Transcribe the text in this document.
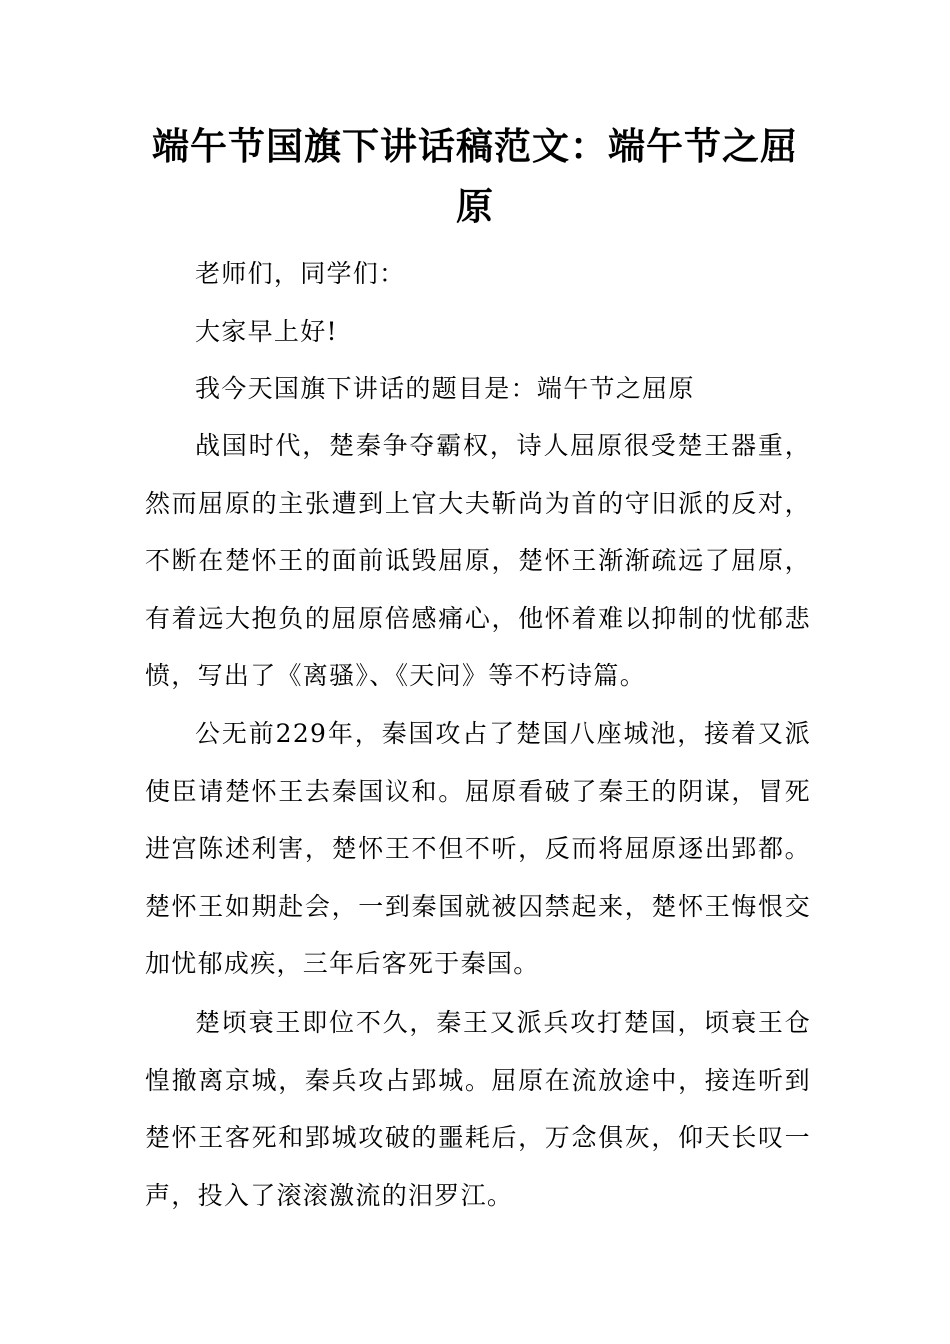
端午节国旗下讲话稿范文：端午节之屈原

老师们，同学们：

大家早上好!

我今天国旗下讲话的题目是：端午节之屈原

战国时代，楚秦争夺霸权，诗人屈原很受楚王器重，然而屈原的主张遭到上官大夫靳尚为首的守旧派的反对，不断在楚怀王的面前诋毁屈原，楚怀王渐渐疏远了屈原，有着远大抱负的屈原倍感痛心，他怀着难以抑制的忧郁悲愤，写出了《离骚》、《天问》等不朽诗篇。

公无前229年，秦国攻占了楚国八座城池，接着又派使臣请楚怀王去秦国议和。屈原看破了秦王的阴谋，冒死进宫陈述利害，楚怀王不但不听，反而将屈原逐出郢都。楚怀王如期赴会，一到秦国就被囚禁起来，楚怀王悔恨交加忧郁成疾，三年后客死于秦国。

楚顷衰王即位不久，秦王又派兵攻打楚国，顷衰王仓惶撤离京城，秦兵攻占郢城。屈原在流放途中，接连听到楚怀王客死和郢城攻破的噩耗后，万念俱灰，仰天长叹一声，投入了滚滚激流的汨罗江。
